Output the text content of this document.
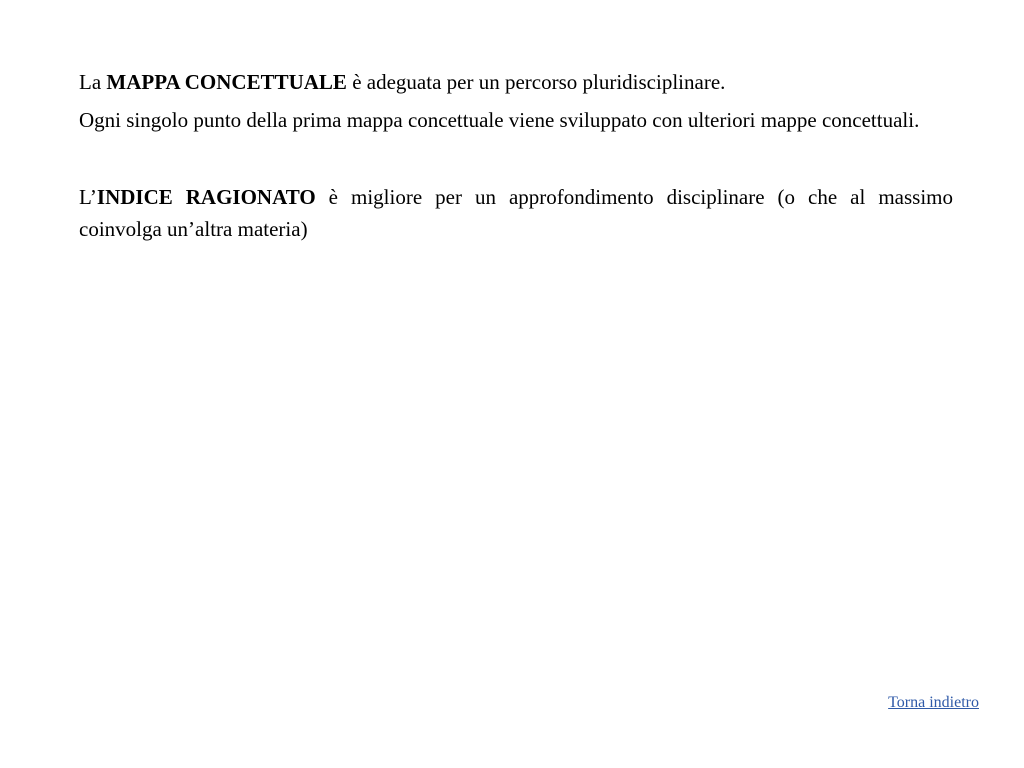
La MAPPA CONCETTUALE è adeguata per un percorso pluridisciplinare.

Ogni singolo punto della prima mappa concettuale viene sviluppato con ulteriori mappe concettuali.

L’INDICE RAGIONATO è migliore per un approfondimento disciplinare (o che al massimo coinvolga un’altra materia)

Torna indietro
